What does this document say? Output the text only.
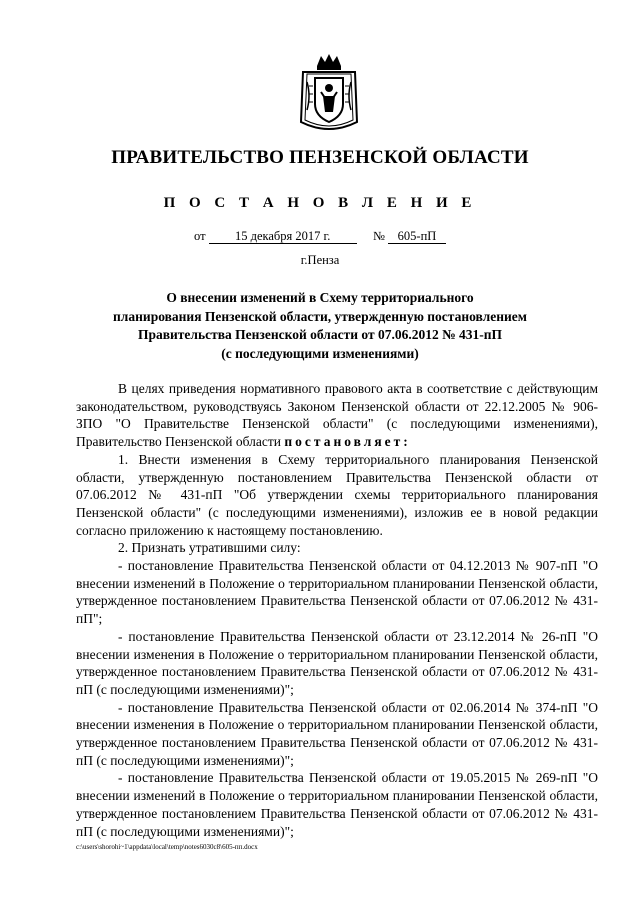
ПРАВИТЕЛЬСТВО ПЕНЗЕНСКОЙ ОБЛАСТИ
П О С Т А Н О В Л Е Н И Е
от 15 декабря 2017 г.	№ 605-пП
г.Пенза
О внесении изменений в Схему территориального
планирования Пензенской области, утвержденную постановлением
Правительства Пензенской области от 07.06.2012 № 431-пП
(с последующими изменениями)

В целях приведения нормативного правового акта в соответствие с действующим законодательством, руководствуясь Законом Пензенской области от 22.12.2005 № 906-ЗПО "О Правительстве Пензенской области" (с последующими изменениями), Правительство Пензенской области постановляет:

1. Внести изменения в Схему территориального планирования Пензенской области, утвержденную постановлением Правительства Пензенской области от 07.06.2012 № 431-пП "Об утверждении схемы территориального планирования Пензенской области" (с последующими изменениями), изложив ее в новой редакции согласно приложению к настоящему постановлению.

2. Признать утратившими силу:

- постановление Правительства Пензенской области от 04.12.2013 № 907-пП "О внесении изменений в Положение о территориальном планировании Пензенской области, утвержденное постановлением Правительства Пензенской области от 07.06.2012 № 431-пП";

- постановление Правительства Пензенской области от 23.12.2014 № 26-пП "О внесении изменения в Положение о территориальном планировании Пензенской области, утвержденное постановлением Правительства Пензенской области от 07.06.2012 № 431-пП (с последующими изменениями)";

- постановление Правительства Пензенской области от 02.06.2014 № 374-пП "О внесении изменения в Положение о территориальном планировании Пензенской области, утвержденное постановлением Правительства Пензенской области от 07.06.2012 № 431-пП (с последующими изменениями)";

- постановление Правительства Пензенской области от 19.05.2015 № 269-пП "О внесении изменений в Положение о территориальном планировании Пензенской области, утвержденное постановлением Правительства Пензенской области от 07.06.2012 № 431-пП (с последующими изменениями)";

c:\users\shorohi~1\appdata\local\temp\notes6030c8\605-пп.docx
